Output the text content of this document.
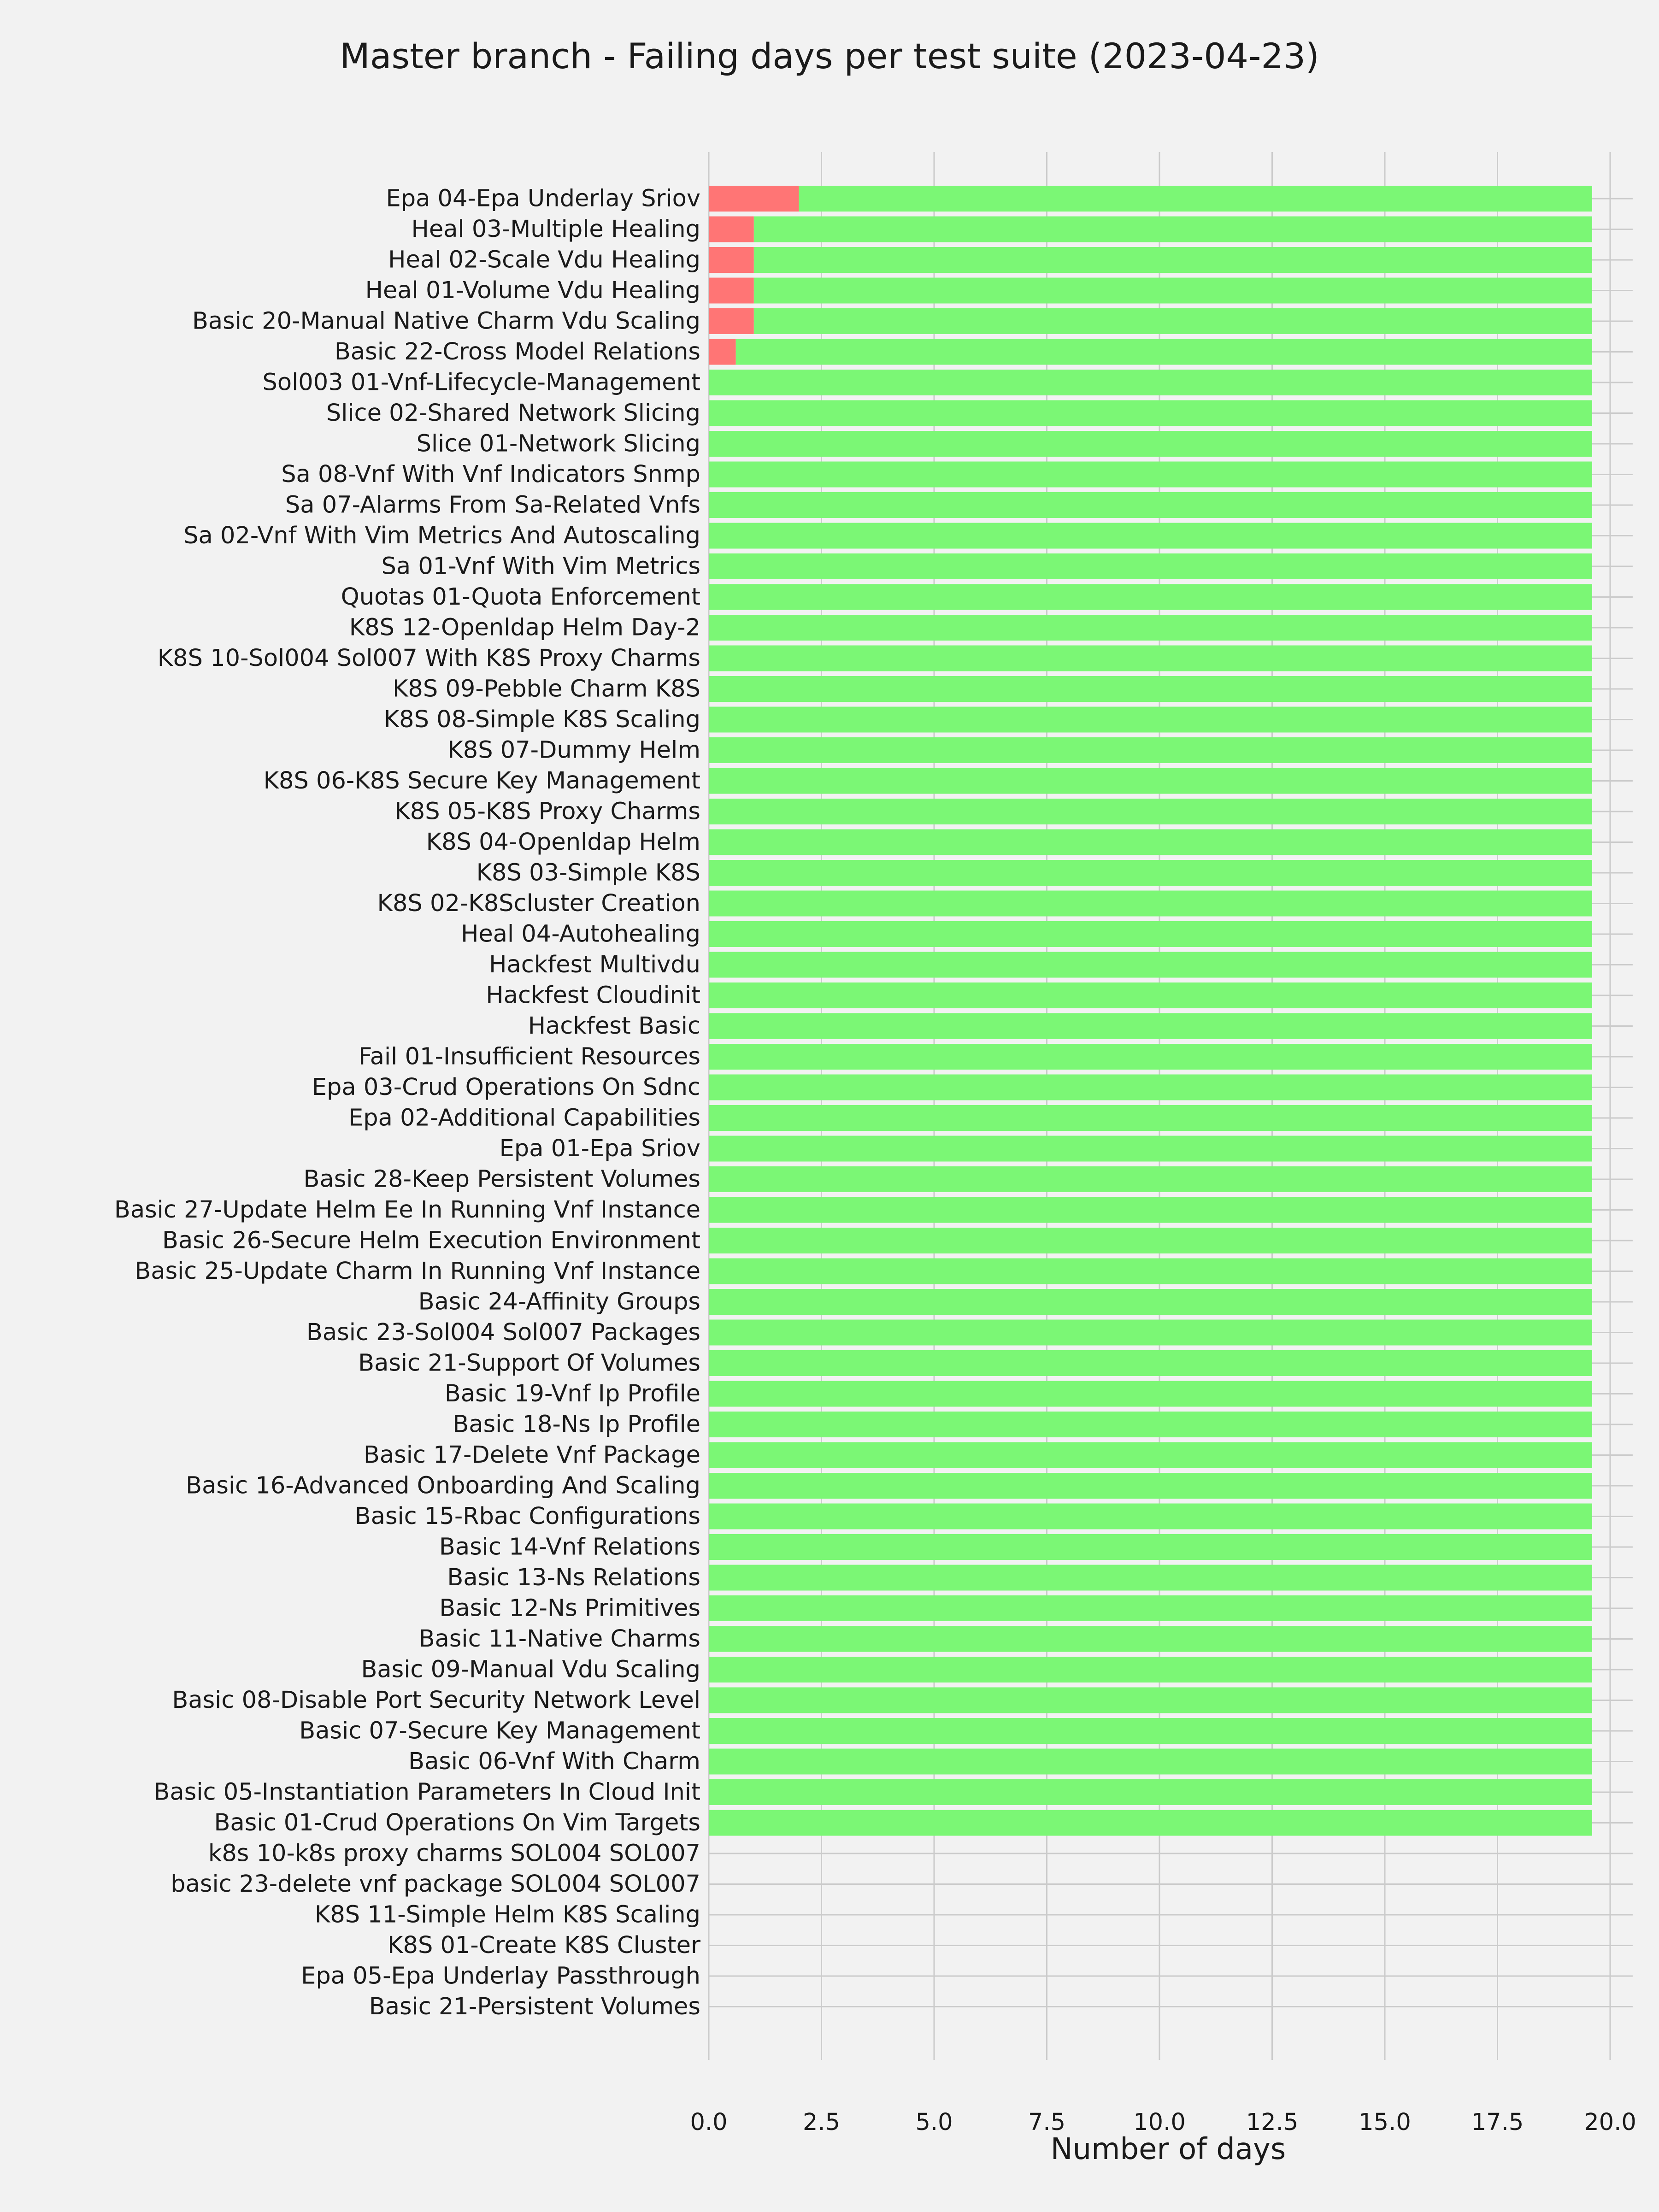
Master branch - Failing days per test suite (2023-04-23)
Epa 04-Epa Underlay Sriov
Heal 03-Multiple Healing
Heal 02-Scale Vdu Healing
Heal 01-Volume Vdu Healing
Basic 20-Manual Native Charm Vdu Scaling
Basic 22-Cross Model Relations
Sol003 01-Vnf-Lifecycle-Management
Slice 02-Shared Network Slicing
Slice 01-Network Slicing
Sa 08-Vnf With Vnf Indicators Snmp
Sa 07-Alarms From Sa-Related Vnfs
Sa 02-Vnf With Vim Metrics And Autoscaling
Sa 01-Vnf With Vim Metrics
Quotas 01-Quota Enforcement
K8S 12-Openldap Helm Day-2
K8S 10-Sol004 Sol007 With K8S Proxy Charms
K8S 09-Pebble Charm K8S
K8S 08-Simple K8S Scaling
K8S 07-Dummy Helm
K8S 06-K8S Secure Key Management
K8S 05-K8S Proxy Charms
K8S 04-Openldap Helm
K8S 03-Simple K8S
K8S 02-K8Scluster Creation
Heal 04-Autohealing
Hackfest Multivdu
Hackfest Cloudinit
Hackfest Basic
Fail 01-Insufficient Resources
Epa 03-Crud Operations On Sdnc
Epa 02-Additional Capabilities
Epa 01-Epa Sriov
Basic 28-Keep Persistent Volumes
Basic 27-Update Helm Ee In Running Vnf Instance
Basic 26-Secure Helm Execution Environment
Basic 25-Update Charm In Running Vnf Instance
Basic 24-Affinity Groups
Basic 23-Sol004 Sol007 Packages
Basic 21-Support Of Volumes
Basic 19-Vnf Ip Profile
Basic 18-Ns Ip Profile
Basic 17-Delete Vnf Package
Basic 16-Advanced Onboarding And Scaling
Basic 15-Rbac Configurations
Basic 14-Vnf Relations
Basic 13-Ns Relations
Basic 12-Ns Primitives
Basic 11-Native Charms
Basic 09-Manual Vdu Scaling
Basic 08-Disable Port Security Network Level
Basic 07-Secure Key Management
Basic 06-Vnf With Charm
Basic 05-Instantiation Parameters In Cloud Init
Basic 01-Crud Operations On Vim Targets
k8s 10-k8s proxy charms SOL004 SOL007
basic 23-delete vnf package SOL004 SOL007
K8S 11-Simple Helm K8S Scaling
K8S 01-Create K8S Cluster
Epa 05-Epa Underlay Passthrough
Basic 21-Persistent Volumes
0.0	2.5	5.0	7.5	10.0	12.5	15.0	17.5	20.0
Number of days
